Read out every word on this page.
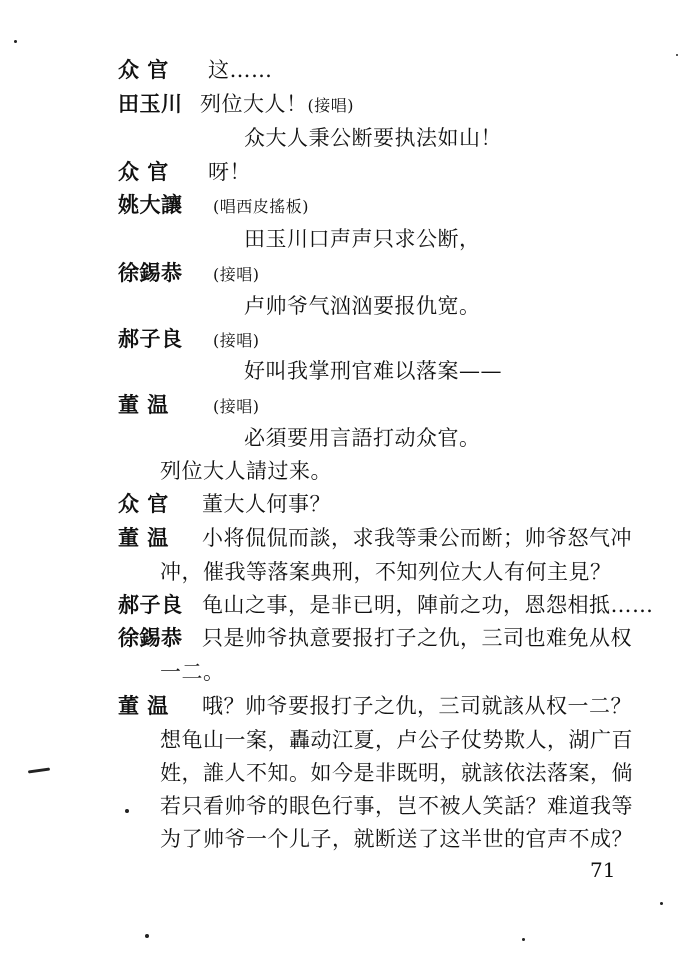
众 官 这……
田玉川 列位大人！(接唱)
众大人秉公断要执法如山！
众 官 呀！
姚大讓 (唱西皮搖板)
田玉川口声声只求公断，
徐錫恭 (接唱)
卢帅爷气汹汹要报仇宽。
郝子良 (接唱)
好叫我掌刑官难以落案——
董 温	(接唱)
必須要用言語打动众官。
列位大人請过来。
众 官 董大人何事？
董 温 小将侃侃而談，求我等秉公而断；帅爷怒气冲
冲，催我等落案典刑，不知列位大人有何主見？
郝子良 龟山之事，是非已明，陣前之功，恩怨相抵……
徐錫恭 只是帅爷执意要报打子之仇，三司也难免从权
一二。
董 温 哦？帅爷要报打子之仇，三司就該从权一二？
想龟山一案，轟动江夏，卢公子仗势欺人，湖广百
姓，誰人不知。如今是非既明，就該依法落案，倘
若只看帅爷的眼色行事，岂不被人笑話？难道我等
为了帅爷一个儿子，就断送了这半世的官声不成？
71
